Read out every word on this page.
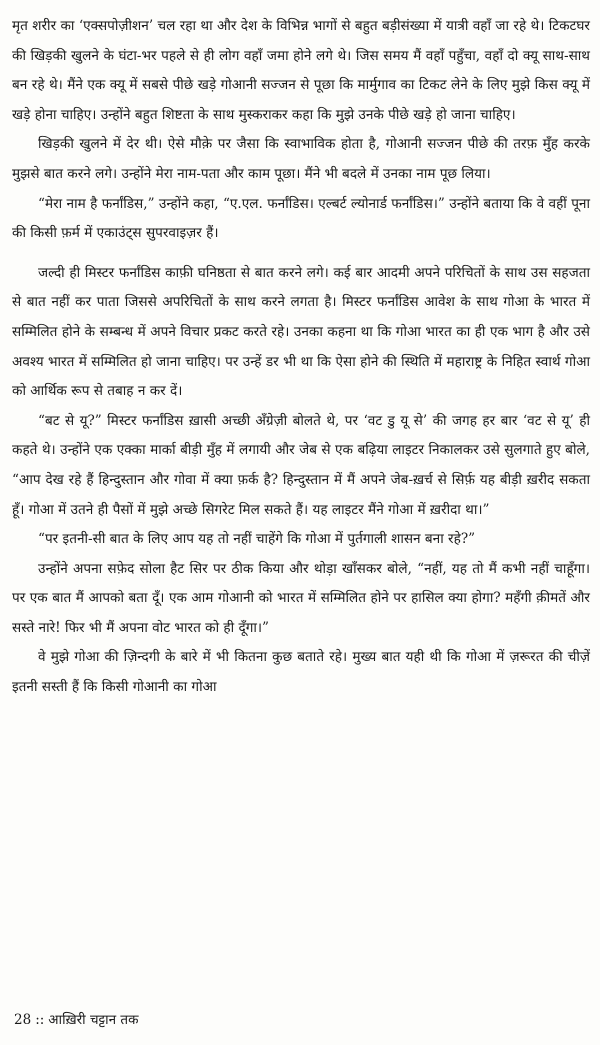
मृत शरीर का ‘एक्सपोज़ीशन’ चल रहा था और देश के विभिन्न भागों से बहुत बड़ीसंख्या में यात्री वहाँ जा रहे थे। टिकटघर की खिड़की खुलने के घंटा-भर पहले से ही लोग वहाँ जमा होने लगे थे। जिस समय मैं वहाँ पहुँचा, वहाँ दो क्यू साथ-साथ बन रहे थे। मैंने एक क्यू में सबसे पीछे खड़े गोआनी सज्जन से पूछा कि मार्मुगाव का टिकट लेने के लिए मुझे किस क्यू में खड़े होना चाहिए। उन्होंने बहुत शिष्टता के साथ मुस्कराकर कहा कि मुझे उनके पीछे खड़े हो जाना चाहिए।

खिड़की खुलने में देर थी। ऐसे मौक़े पर जैसा कि स्वाभाविक होता है, गोआनी सज्जन पीछे की तरफ़ मुँह करके मुझसे बात करने लगे। उन्होंने मेरा नाम-पता और काम पूछा। मैंने भी बदले में उनका नाम पूछ लिया।

“मेरा नाम है फर्नांडिस,” उन्होंने कहा, “ए.एल. फर्नांडिस। एल्बर्ट ल्योनार्ड फर्नांडिस।” उन्होंने बताया कि वे वहीं पूना की किसी फ़र्म में एकाउंट्स सुपरवाइज़र हैं।

जल्दी ही मिस्टर फर्नांडिस काफ़ी घनिष्ठता से बात करने लगे। कई बार आदमी अपने परिचितों के साथ उस सहजता से बात नहीं कर पाता जिससे अपरिचितों के साथ करने लगता है। मिस्टर फर्नांडिस आवेश के साथ गोआ के भारत में सम्मिलित होने के सम्बन्ध में अपने विचार प्रकट करते रहे। उनका कहना था कि गोआ भारत का ही एक भाग है और उसे अवश्य भारत में सम्मिलित हो जाना चाहिए। पर उन्हें डर भी था कि ऐसा होने की स्थिति में महाराष्ट्र के निहित स्वार्थ गोआ को आर्थिक रूप से तबाह न कर दें।

“बट से यू?” मिस्टर फर्नांडिस ख़ासी अच्छी अँग्रेज़ी बोलते थे, पर ‘वट डु यू से’ की जगह हर बार ‘वट से यू’ ही कहते थे। उन्होंने एक एक्का मार्का बीड़ी मुँह में लगायी और जेब से एक बढ़िया लाइटर निकालकर उसे सुलगाते हुए बोले, “आप देख रहे हैं हिन्दुस्तान और गोवा में क्या फ़र्क है? हिन्दुस्तान में मैं अपने जेब-ख़र्च से सिर्फ़ यह बीड़ी ख़रीद सकता हूँ। गोआ में उतने ही पैसों में मुझे अच्छे सिगरेट मिल सकते हैं। यह लाइटर मैंने गोआ में ख़रीदा था।”

“पर इतनी-सी बात के लिए आप यह तो नहीं चाहेंगे कि गोआ में पुर्तगाली शासन बना रहे?”

उन्होंने अपना सफ़ेद सोला हैट सिर पर ठीक किया और थोड़ा खाँसकर बोले, “नहीं, यह तो मैं कभी नहीं चाहूँगा। पर एक बात मैं आपको बता दूँ। एक आम गोआनी को भारत में सम्मिलित होने पर हासिल क्या होगा? महँगी क़ीमतें और सस्ते नारे! फिर भी मैं अपना वोट भारत को ही दूँगा।”

वे मुझे गोआ की ज़िन्दगी के बारे में भी कितना कुछ बताते रहे। मुख्य बात यही थी कि गोआ में ज़रूरत की चीज़ें इतनी सस्ती हैं कि किसी गोआनी का गोआ

28 :: आख़िरी चट्टान तक
